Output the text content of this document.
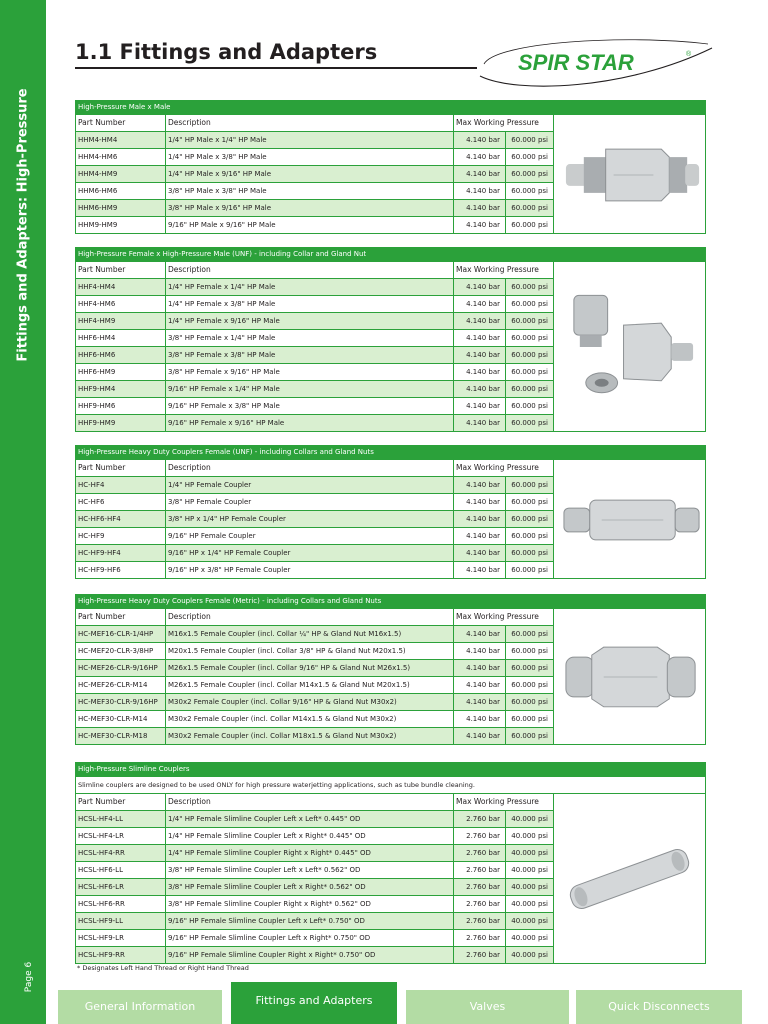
Fittings and Adapters: High-Pressure
Page 6
1.1 Fittings and Adapters	SPIR STAR	®
High-Pressure Male x Male				
Part Number	Description	Max Working Pressure	

HHM4-HM4	1/4" HP Male x 1/4" HP Male	4.140 bar	60.000 psi	
HHM4-HM6	1/4" HP Male x 3/8" HP Male	4.140 bar	60.000 psi	
HHM4-HM9	1/4" HP Male x 9/16" HP Male	4.140 bar	60.000 psi	
HHM6-HM6	3/8" HP Male x 3/8" HP Male	4.140 bar	60.000 psi	
HHM6-HM9	3/8" HP Male x 9/16" HP Male	4.140 bar	60.000 psi	
HHM9-HM9	9/16" HP Male x 9/16" HP Male	4.140 bar	60.000 psi	
High-Pressure Female x High-Pressure Male (UNF) - including Collar and Gland Nut				
Part Number	Description	Max Working Pressure	

HHF4-HM4	1/4" HP Female x 1/4" HP Male	4.140 bar	60.000 psi	
HHF4-HM6	1/4" HP Female x 3/8" HP Male	4.140 bar	60.000 psi	
HHF4-HM9	1/4" HP Female x 9/16" HP Male	4.140 bar	60.000 psi	
HHF6-HM4	3/8" HP Female x 1/4" HP Male	4.140 bar	60.000 psi	
HHF6-HM6	3/8" HP Female x 3/8" HP Male	4.140 bar	60.000 psi	
HHF6-HM9	3/8" HP Female x 9/16" HP Male	4.140 bar	60.000 psi	
HHF9-HM4	9/16" HP Female x 1/4" HP Male	4.140 bar	60.000 psi	
HHF9-HM6	9/16" HP Female x 3/8" HP Male	4.140 bar	60.000 psi	
HHF9-HM9	9/16" HP Female x 9/16" HP Male	4.140 bar	60.000 psi	
High-Pressure Heavy Duty Couplers Female (UNF) - including Collars and Gland Nuts				
Part Number	Description	Max Working Pressure	

HC-HF4	1/4" HP Female Coupler	4.140 bar	60.000 psi	
HC-HF6	3/8" HP Female Coupler	4.140 bar	60.000 psi	
HC-HF6-HF4	3/8" HP x 1/4" HP Female Coupler	4.140 bar	60.000 psi	
HC-HF9	9/16" HP Female Coupler	4.140 bar	60.000 psi	
HC-HF9-HF4	9/16" HP x 1/4" HP Female Coupler	4.140 bar	60.000 psi	
HC-HF9-HF6	9/16" HP x 3/8" HP Female Coupler	4.140 bar	60.000 psi	
High-Pressure Heavy Duty Couplers Female (Metric) - including Collars and Gland Nuts				
Part Number	Description	Max Working Pressure	

HC-MEF16-CLR-1/4HP	M16x1.5 Female Coupler (incl. Collar ¼" HP & Gland Nut M16x1.5)	4.140 bar	60.000 psi	
HC-MEF20-CLR-3/8HP	M20x1.5 Female Coupler (incl. Collar 3/8" HP & Gland Nut M20x1.5)	4.140 bar	60.000 psi	
HC-MEF26-CLR-9/16HP	M26x1.5 Female Coupler (incl. Collar 9/16" HP & Gland Nut M26x1.5)	4.140 bar	60.000 psi	
HC-MEF26-CLR-M14	M26x1.5 Female Coupler (incl. Collar M14x1.5 & Gland Nut M20x1.5)	4.140 bar	60.000 psi	
HC-MEF30-CLR-9/16HP	M30x2 Female Coupler (incl. Collar 9/16" HP & Gland Nut M30x2)	4.140 bar	60.000 psi	
HC-MEF30-CLR-M14	M30x2 Female Coupler (incl. Collar M14x1.5 & Gland Nut M30x2)	4.140 bar	60.000 psi	
HC-MEF30-CLR-M18	M30x2 Female Coupler (incl. Collar M18x1.5 & Gland Nut M30x2)	4.140 bar	60.000 psi	
High-Pressure Slimline Couplers				
Slimline couplers are designed to be used ONLY for high pressure waterjetting applications, such as tube bundle cleaning.				
Part Number	Description	Max Working Pressure	

HCSL-HF4-LL	1/4" HP Female Slimline Coupler Left x Left* 0.445" OD	2.760 bar	40.000 psi	
HCSL-HF4-LR	1/4" HP Female Slimline Coupler Left x Right* 0.445" OD	2.760 bar	40.000 psi	
HCSL-HF4-RR	1/4" HP Female Slimline Coupler Right x Right* 0.445" OD	2.760 bar	40.000 psi	
HCSL-HF6-LL	3/8" HP Female Slimline Coupler Left x Left* 0.562" OD	2.760 bar	40.000 psi	
HCSL-HF6-LR	3/8" HP Female Slimline Coupler Left x Right* 0.562" OD	2.760 bar	40.000 psi	
HCSL-HF6-RR	3/8" HP Female Slimline Coupler Right x Right* 0.562" OD	2.760 bar	40.000 psi	
HCSL-HF9-LL	9/16" HP Female Slimline Coupler Left x Left* 0.750" OD	2.760 bar	40.000 psi	
HCSL-HF9-LR	9/16" HP Female Slimline Coupler Left x Right* 0.750" OD	2.760 bar	40.000 psi	
HCSL-HF9-RR	9/16" HP Female Slimline Coupler Right x Right* 0.750" OD	2.760 bar	40.000 psi	
* Designates Left Hand Thread or Right Hand Thread
General Information	Fittings and Adapters	Valves	Quick Disconnects
